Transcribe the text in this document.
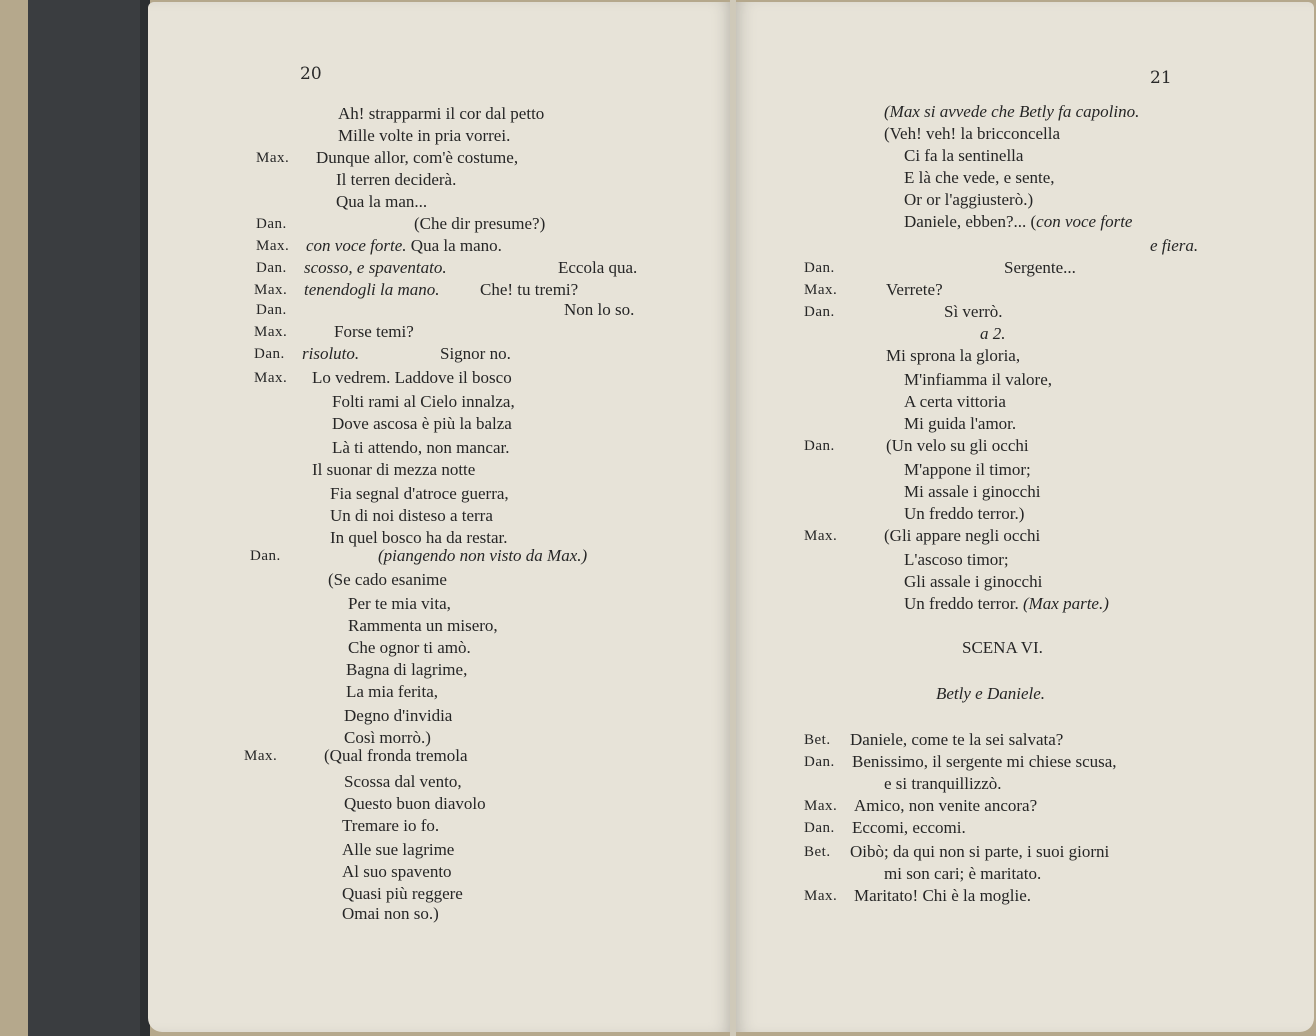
20	21
Ah! strapparmi il cor dal petto
Mille volte in pria vorrei.
Max. Dunque allor, com'è costume,
Il terren deciderà.
Qua la man...
Dan.	(Che dir presume?)
Max. con voce forte. Qua la mano.
Dan. scosso, e spaventato.	Eccola qua.
Max. tenendogli la mano. Che! tu tremi?
Dan.	Non lo so.
Max.	Forse temi?
Dan. risoluto.	Signor no.
Max. Lo vedrem. Laddove il bosco
Folti rami al Cielo innalza,
Dove ascosa è più la balza
Là ti attendo, non mancar.
Il suonar di mezza notte
Fia segnal d'atroce guerra,
Un di noi disteso a terra
In quel bosco ha da restar.
Dan.	(piangendo non visto da Max.)
(Se cado esanime
Per te mia vita,
Rammenta un misero,
Che ognor ti amò.
Bagna di lagrime,
La mia ferita,
Degno d'invidia
Così morrò.)
Max.	(Qual fronda tremola
Scossa dal vento,
Questo buon diavolo
Tremare io fo.
Alle sue lagrime
Al suo spavento
Quasi più reggere
Omai non so.)
(Max si avvede che Betly fa capolino.
(Veh! veh! la bricconcella
Ci fa la sentinella
E là che vede, e sente,
Or or l'aggiusterò.)
Daniele, ebben?... (con voce forte
e fiera.
Dan.	Sergente...
Max.	Verrete?
Dan.	Sì verrò.
a 2.
Mi sprona la gloria,
M'infiamma il valore,
A certa vittoria
Mi guida l'amor.
Dan.	(Un velo su gli occhi
M'appone il timor;
Mi assale i ginocchi
Un freddo terror.)
Max.	(Gli appare negli occhi
L'ascoso timor;
Gli assale i ginocchi
Un freddo terror. (Max parte.)
SCENA VI.
Betly e Daniele.
Bet. Daniele, come te la sei salvata?
Dan. Benissimo, il sergente mi chiese scusa,
e si tranquillizzò.
Max. Amico, non venite ancora?
Dan. Eccomi, eccomi.
Bet. Oibò; da qui non si parte, i suoi giorni
mi son cari; è maritato.
Max. Maritato! Chi è la moglie.
